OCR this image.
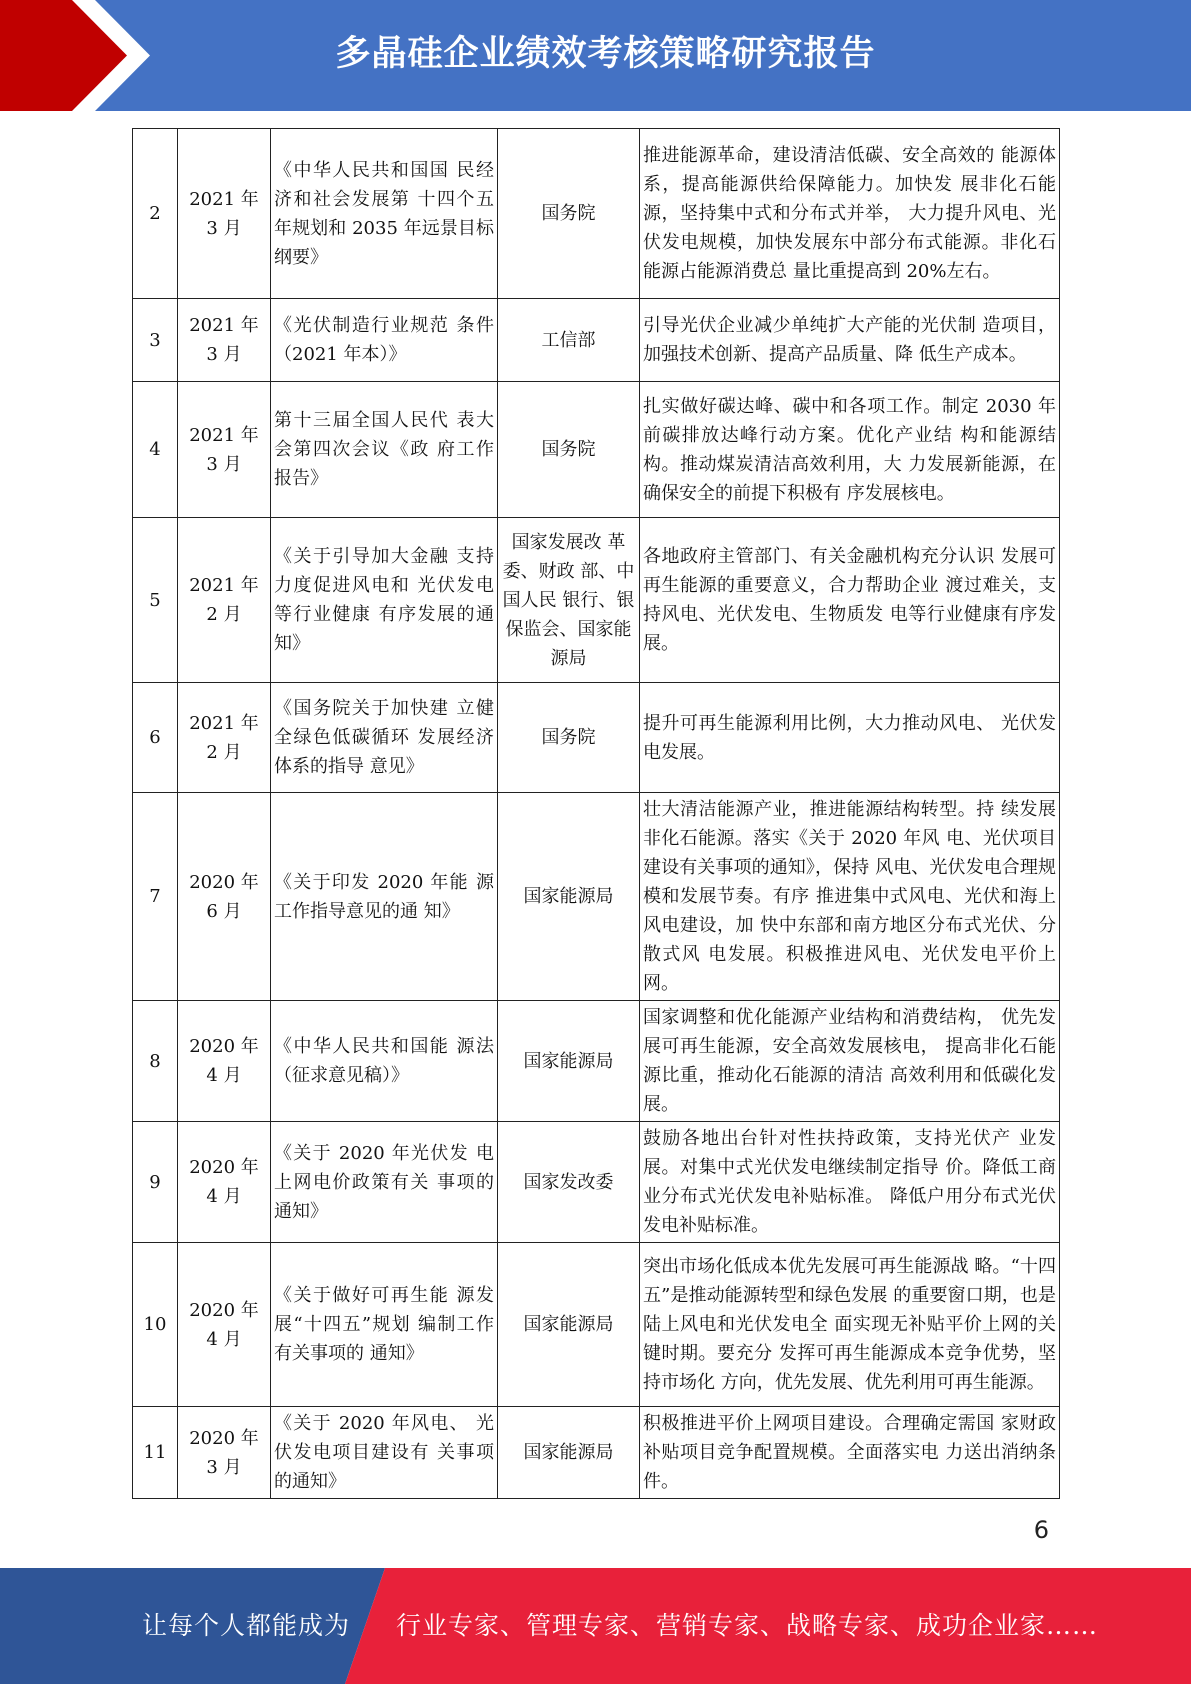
多晶硅企业绩效考核策略研究报告
2	2021 年 3 月	《中华人民共和国国 民经济和社会发展第 十四个五年规划和 2035 年远景目标纲要》	国务院	推进能源革命，建设清洁低碳、安全高效的 能源体系，提高能源供给保障能力。加快发 展非化石能源，坚持集中式和分布式并举， 大力提升风电、光伏发电规模，加快发展东中部分布式能源。非化石能源占能源消费总 量比重提高到 20%左右。
3	2021 年 3 月	《光伏制造行业规范 条件（2021 年本）》	工信部	引导光伏企业减少单纯扩大产能的光伏制 造项目，加强技术创新、提高产品质量、降 低生产成本。
4	2021 年 3 月	第十三届全国人民代 表大会第四次会议《政 府工作报告》	国务院	扎实做好碳达峰、碳中和各项工作。制定 2030 年前碳排放达峰行动方案。优化产业结 构和能源结构。推动煤炭清洁高效利用，大 力发展新能源，在确保安全的前提下积极有 序发展核电。
5	2021 年 2 月	《关于引导加大金融 支持力度促进风电和 光伏发电等行业健康 有序发展的通知》	国家发展改 革委、财政 部、中国人民 银行、银保监会、国家能源局	各地政府主管部门、有关金融机构充分认识 发展可再生能源的重要意义，合力帮助企业 渡过难关，支持风电、光伏发电、生物质发 电等行业健康有序发展。
6	2021 年 2 月	《国务院关于加快建 立健全绿色低碳循环 发展经济体系的指导 意见》	国务院	提升可再生能源利用比例，大力推动风电、 光伏发电发展。
7	2020 年 6 月	《关于印发 2020 年能 源工作指导意见的通 知》	国家能源局	壮大清洁能源产业，推进能源结构转型。持 续发展非化石能源。落实《关于 2020 年风 电、光伏项目建设有关事项的通知》，保持 风电、光伏发电合理规模和发展节奏。有序 推进集中式风电、光伏和海上风电建设，加 快中东部和南方地区分布式光伏、分散式风 电发展。积极推进风电、光伏发电平价上网。
8	2020 年 4 月	《中华人民共和国能 源法（征求意见稿）》	国家能源局	国家调整和优化能源产业结构和消费结构， 优先发展可再生能源，安全高效发展核电， 提高非化石能源比重，推动化石能源的清洁 高效利用和低碳化发展。
9	2020 年 4 月	《关于 2020 年光伏发 电上网电价政策有关 事项的通知》	国家发改委	鼓励各地出台针对性扶持政策，支持光伏产 业发展。对集中式光伏发电继续制定指导 价。降低工商业分布式光伏发电补贴标准。 降低户用分布式光伏发电补贴标准。
10	2020 年 4 月	《关于做好可再生能 源发展“十四五”规划 编制工作有关事项的 通知》	国家能源局	突出市场化低成本优先发展可再生能源战 略。“十四五”是推动能源转型和绿色发展 的重要窗口期，也是陆上风电和光伏发电全 面实现无补贴平价上网的关键时期。要充分 发挥可再生能源成本竞争优势，坚持市场化 方向，优先发展、优先利用可再生能源。
11	2020 年 3 月	《关于 2020 年风电、 光伏发电项目建设有 关事项的通知》	国家能源局	积极推进平价上网项目建设。合理确定需国 家财政补贴项目竞争配置规模。全面落实电 力送出消纳条件。
6
让每个人都能成为 行业专家、管理专家、营销专家、战略专家、成功企业家……
